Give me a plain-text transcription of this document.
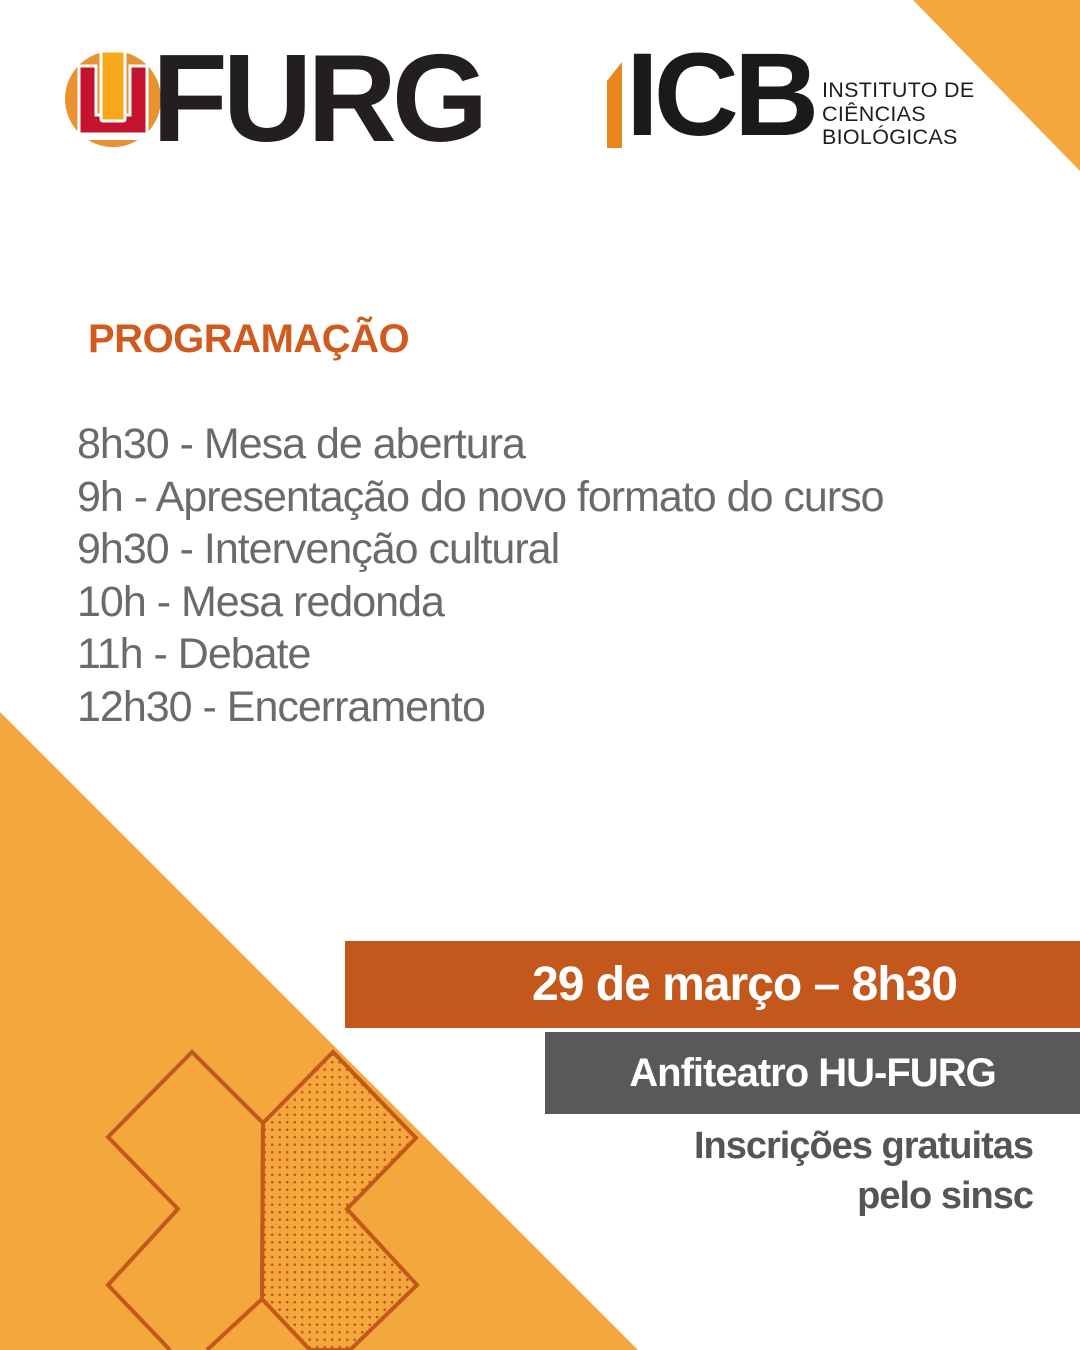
FURG ICB INSTITUTO DE
CIÊNCIAS
BIOLÓGICAS
PROGRAMAÇÃO
8h30 - Mesa de abertura
9h - Apresentação do novo formato do curso
9h30 - Intervenção cultural
10h - Mesa redonda
11h - Debate
12h30 - Encerramento
29 de março – 8h30
Anfiteatro HU-FURG
Inscrições gratuitas
pelo sinsc
